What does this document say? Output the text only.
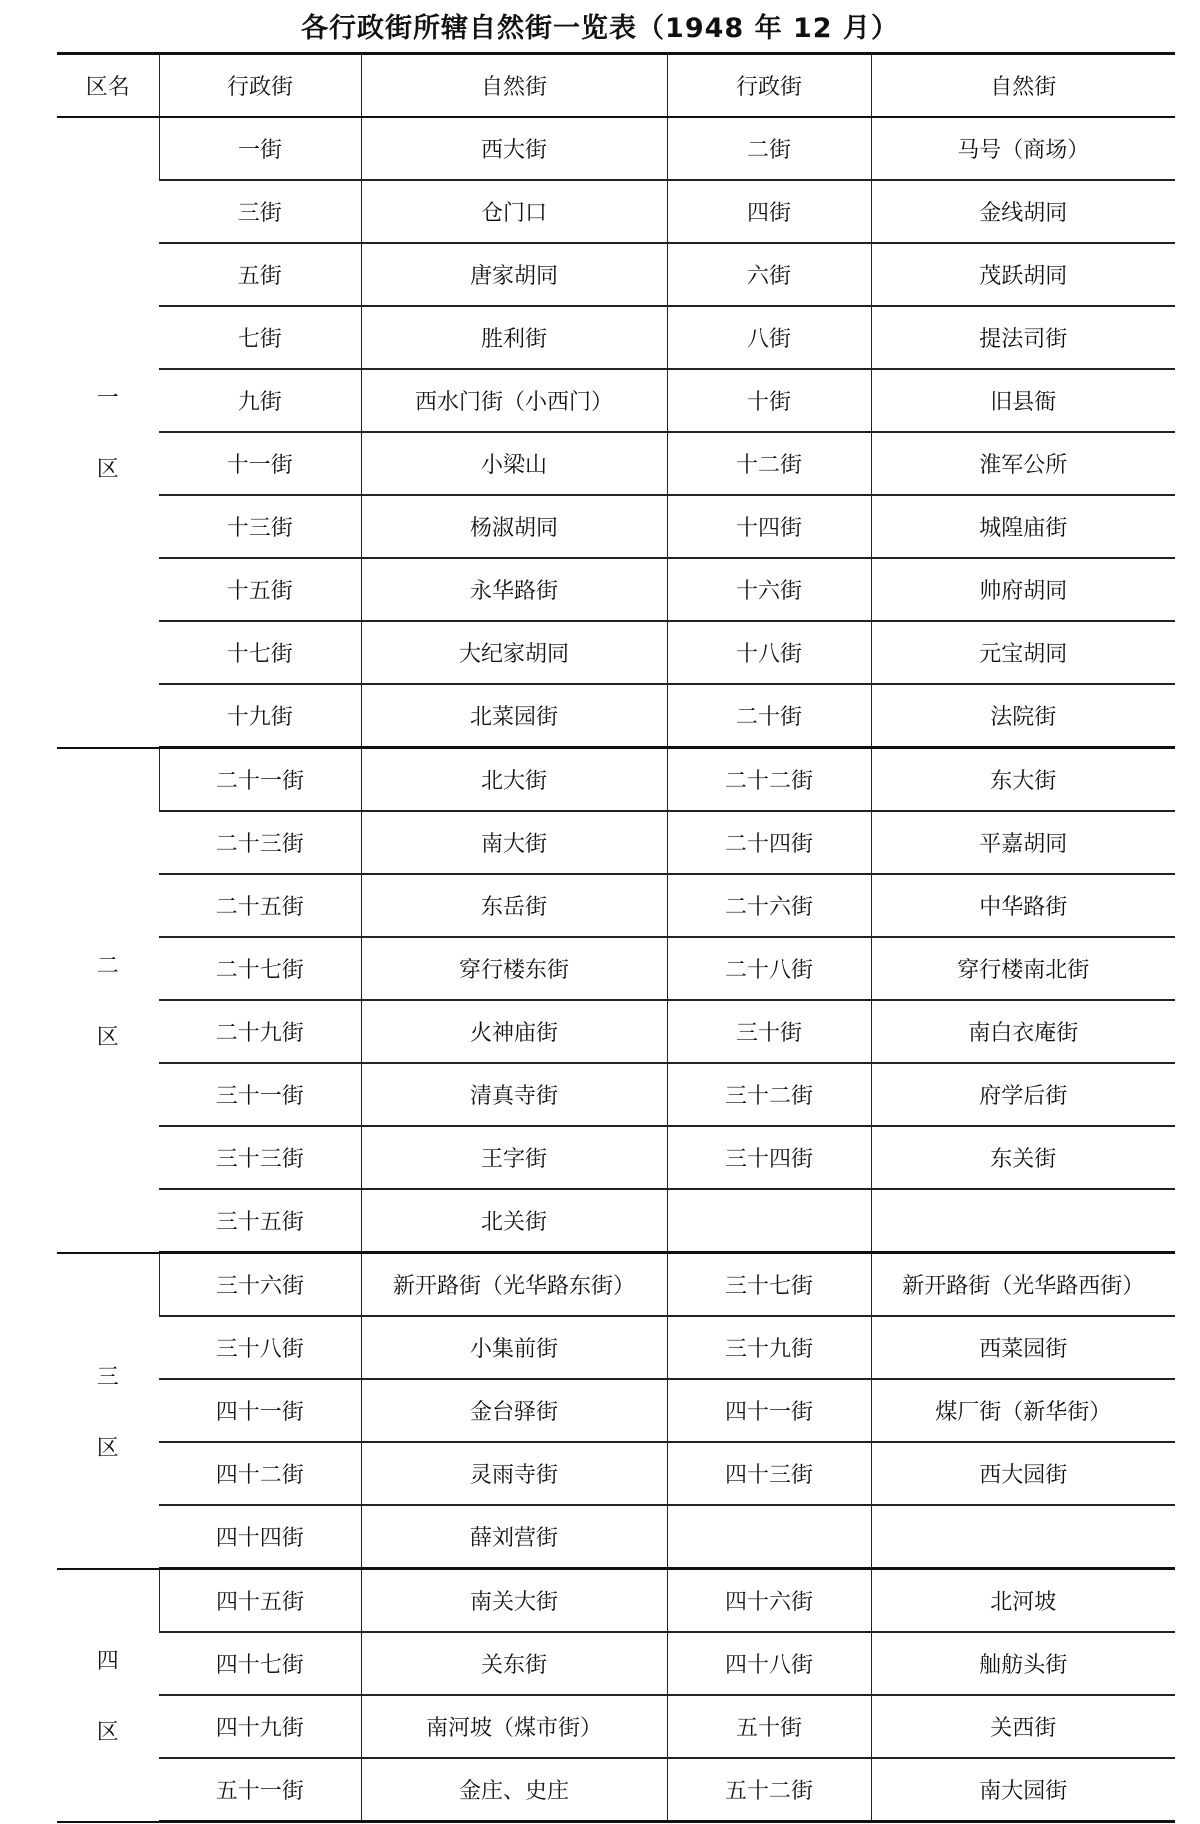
各行政街所辖自然街一览表（1948 年 12 月）
区名	行政街	自然街	行政街	自然街

一
区	一街	西大街	二街	马号（商场）
	三街	仓门口	四街	金线胡同
	五街	唐家胡同	六街	茂跃胡同
	七街	胜利街	八街	提法司街
	九街	西水门街（小西门）	十街	旧县衙
	十一街	小梁山	十二街	淮军公所
	十三街	杨淑胡同	十四街	城隍庙街
	十五街	永华路街	十六街	帅府胡同
	十七街	大纪家胡同	十八街	元宝胡同
	十九街	北菜园街	二十街	法院街

二
区	二十一街	北大街	二十二街	东大街
	二十三街	南大街	二十四街	平嘉胡同
	二十五街	东岳街	二十六街	中华路街
	二十七街	穿行楼东街	二十八街	穿行楼南北街
	二十九街	火神庙街	三十街	南白衣庵街
	三十一街	清真寺街	三十二街	府学后街
	三十三街	王字街	三十四街	东关街
	三十五街	北关街		

三
区	三十六街	新开路街（光华路东街）	三十七街	新开路街（光华路西街）
	三十八街	小集前街	三十九街	西菜园街
	四十一街	金台驿街	四十一街	煤厂街（新华街）
	四十二街	灵雨寺街	四十三街	西大园街
	四十四街	薛刘营街		

四
区	四十五街	南关大街	四十六街	北河坡
	四十七街	关东街	四十八街	舢舫头街
	四十九街	南河坡（煤市街）	五十街	关西街
	五十一街	金庄、史庄	五十二街	南大园街
